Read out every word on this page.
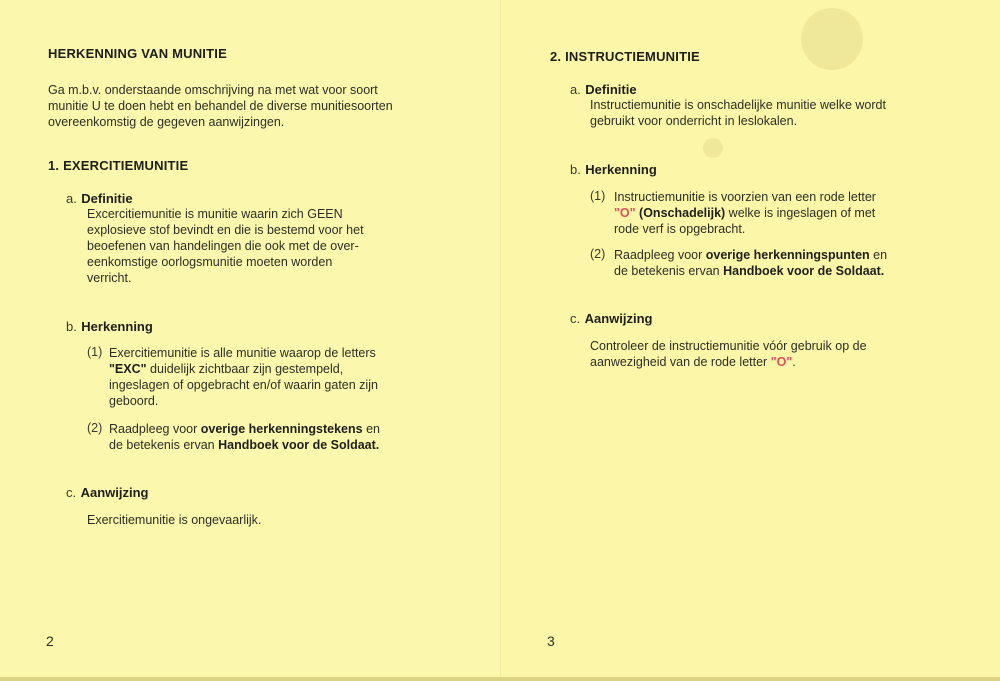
HERKENNING VAN MUNITIE
Ga m.b.v. onderstaande omschrijving na met wat voor soort
munitie U te doen hebt en behandel de diverse munitiesoorten
overeenkomstig de gegeven aanwijzingen.
1. EXERCITIEMUNITIE
a. Definitie
Excercitiemunitie is munitie waarin zich GEEN
explosieve stof bevindt en die is bestemd voor het
beoefenen van handelingen die ook met de over-
eenkomstige oorlogsmunitie moeten worden
verricht.
b. Herkenning
(1) Exercitiemunitie is alle munitie waarop de letters
"EXC" duidelijk zichtbaar zijn gestempeld,
ingeslagen of opgebracht en/of waarin gaten zijn
geboord.
(2) Raadpleeg voor overige herkenningstekens en
de betekenis ervan Handboek voor de Soldaat.
c. Aanwijzing
Exercitiemunitie is ongevaarlijk.
2
2. INSTRUCTIEMUNITIE
a. Definitie
Instructiemunitie is onschadelijke munitie welke wordt
gebruikt voor onderricht in leslokalen.
b. Herkenning
(1) Instructiemunitie is voorzien van een rode letter
"O" (Onschadelijk) welke is ingeslagen of met
rode verf is opgebracht.
(2) Raadpleeg voor overige herkenningspunten en
de betekenis ervan Handboek voor de Soldaat.
c. Aanwijzing
Controleer de instructiemunitie vóór gebruik op de
aanwezigheid van de rode letter "O".
3
